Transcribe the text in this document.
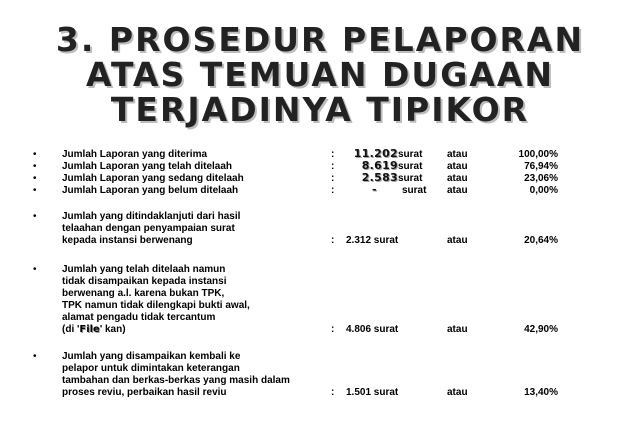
3. PROSEDUR PELAPORAN
ATAS TEMUAN DUGAAN
TERJADINYA TIPIKOR
•	Jumlah Laporan yang diterima	: 11.202 surat atau	100,00%
•	Jumlah Laporan yang telah ditelaah	: 8.619 surat atau	76,94%
•	Jumlah Laporan yang sedang ditelaah	: 2.583 surat atau	23,06%
•	Jumlah Laporan yang belum ditelaah	:	-	surat atau	0,00%
•	Jumlah yang ditindaklanjuti dari hasil
telaahan dengan penyampaian surat
kepada instansi berwenang	: 2.312 surat	atau	20,64%
•	Jumlah yang telah ditelaah namun
tidak disampaikan kepada instansi
berwenang a.l. karena bukan TPK,
TPK namun tidak dilengkapi bukti awal,
alamat pengadu tidak tercantum
(di 'File' kan)	: 4.806 surat	atau	42,90%
•	Jumlah yang disampaikan kembali ke
pelapor untuk dimintakan keterangan
tambahan dan berkas-berkas yang masih dalam
proses reviu, perbaikan hasil reviu	: 1.501 surat	atau	13,40%
